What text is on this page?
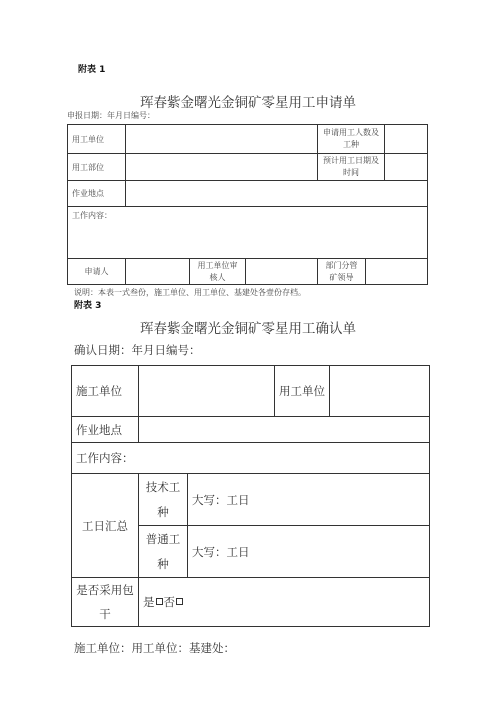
附表 1
珲春紫金曙光金铜矿零星用工申请单
申报日期：年月日编号：
用工单位				申请用工人数及工种	

用工部位				预计用工日期及时间	

作业地点					
工作内容：					
申请人		用工单位审核人		部门分管矿领导	
说明：本表一式叁份，施工单位、用工单位、基建处各壹份存档。
附表 3
珲春紫金曙光金铜矿零星用工确认单
确认日期：年月日编号：
施工单位			用工单位	
作业地点				
工作内容：				
工日汇总	技术工种	大写：工日		
	普通工种	大写：工日		
是否采用包干	是 否			
施工单位：用工单位：基建处：
